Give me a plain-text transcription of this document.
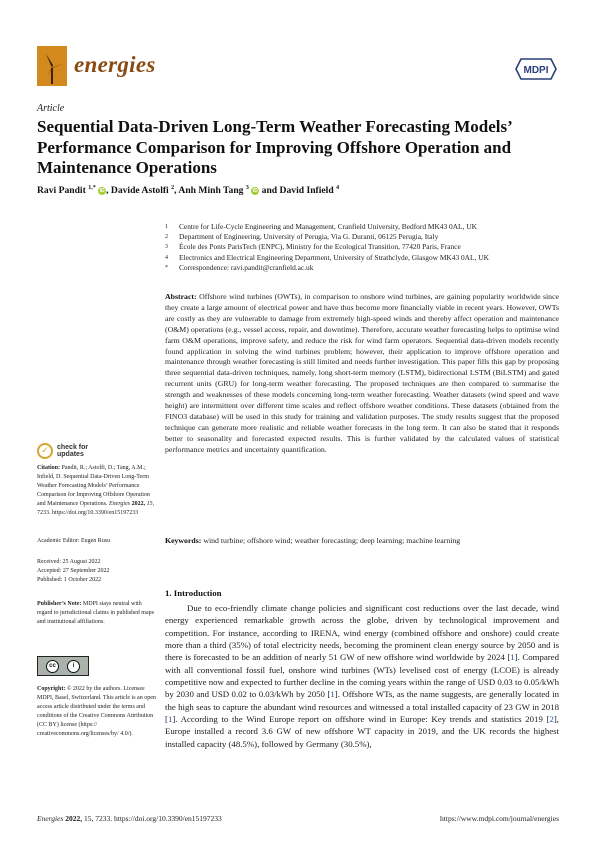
energies	MDPI
Article
Sequential Data-Driven Long-Term Weather Forecasting Models’ Performance Comparison for Improving Offshore Operation and Maintenance Operations
Ravi Pandit $^{1,*}$ iD , Davide Astolfi $^2$, Anh Minh Tang $^3$ iD and David Infield $^4$
1	Centre for Life-Cycle Engineering and Management, Cranfield University, Bedford MK43 0AL, UK
2	Department of Engineering, University of Perugia, Via G. Duranti, 06125 Perugia, Italy
3	École des Ponts ParisTech (ENPC), Ministry for the Ecological Transition, 77420 Paris, France
4	Electronics and Electrical Engineering Department, University of Strathclyde, Glasgow MK43 0AL, UK
*	Correspondence: ravi.pandit@cranfield.ac.uk
Abstract: Offshore wind turbines (OWTs), in comparison to onshore wind turbines, are gaining popularity worldwide since they create a large amount of electrical power and have thus become more financially viable in recent years. However, OWTs are costly as they are vulnerable to damage from extremely high-speed winds and thereby affect operation and maintenance (O&M) operations (e.g., vessel access, repair, and downtime). Therefore, accurate weather forecasting helps to optimise wind farm O&M operations, improve safety, and reduce the risk for wind farm operators. Sequential data-driven models recently found application in solving the wind turbines problem; however, their application to improve offshore operation and maintenance through weather forecasting is still limited and needs further investigation. This paper fills this gap by proposing three sequential data-driven techniques, namely, long short-term memory (LSTM), bidirectional LSTM (BiLSTM) and gated recurrent units (GRU) for long-term weather forecasting. The proposed techniques are then compared to summarise the strength and weaknesses of these models concerning long-term weather forecasting. Weather datasets (wind speed and wave height) are intermittent over different time scales and reflect offshore weather conditions. These datasets (obtained from the FINO3 database) will be used in this study for training and validation purposes. The study results suggest that the proposed technique can generate more realistic and reliable weather forecasts in the long term. It can also be stated that it responds better to seasonality and forecasted expected results. This is further validated by the calculated values of statistical performance metrics and uncertainty quantification.
Keywords: wind turbine; offshore wind; weather forecasting; deep learning; machine learning
✓	check for
updates
Citation: Pandit, R.; Astolfi, D.; Tang, A.M.; Infield, D. Sequential Data-Driven Long-Term Weather Forecasting Models’ Performance Comparison for Improving Offshore Operation and Maintenance Operations. Energies 2022, 15, 7233. https://doi.org/10.3390/en15197233
Academic Editor: Eugen Rusu
Received: 25 August 2022
Accepted: 27 September 2022
Published: 1 October 2022
Publisher’s Note: MDPI stays neutral with regard to jurisdictional claims in published maps and institutional affiliations.
cc	i
Copyright: © 2022 by the authors. Licensee MDPI, Basel, Switzerland. This article is an open access article distributed under the terms and conditions of the Creative Commons Attribution (CC BY) license (https:// creativecommons.org/licenses/by/ 4.0/).
1. Introduction
Due to eco-friendly climate change policies and significant cost reductions over the last decade, wind energy experienced remarkable growth across the globe, driven by technological improvement and competition. For instance, according to IRENA, wind energy (combined offshore and onshore) could create more than a third (35%) of total electricity needs, becoming the prominent clean energy source by 2050 and is there is forecasted to be an addition of nearly 51 GW of new offshore wind worldwide by 2024 [1]. Compared with all conventional fossil fuel, onshore wind turbines (WTs) levelised cost of energy (LCOE) is already competitive now and expected to further decline in the coming years within the range of USD 0.03 to 0.05/kWh by 2030 and USD 0.02 to 0.03/kWh by 2050 [1]. Offshore WTs, as the name suggests, are generally located in the high seas to capture the abundant wind resources and witnessed a total installed capacity of 23 GW in 2018 [1]. According to the Wind Europe report on offshore wind in Europe: Key trends and statistics 2019 [2], Europe installed a record 3.6 GW of new offshore WT capacity in 2019, and the UK records the highest installed capacity (48.5%), followed by Germany (30.5%),
Energies 2022, 15, 7233. https://doi.org/10.3390/en15197233	https://www.mdpi.com/journal/energies
